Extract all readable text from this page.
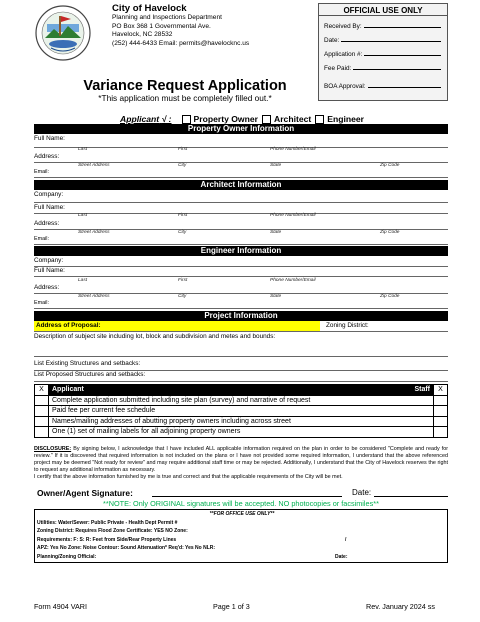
City of Havelock
Planning and Inspections Department
PO Box 368 1 Governmental Ave.
Havelock, NC 28532
(252) 444-6433 Email: permits@havelocknc.us
OFFICIAL USE ONLY
Received By:
Date:
Application #:
Fee Paid:
BOA Approval:
Variance Request Application
*This application must be completely filled out.*
Applicant √ :	Property Owner Architect Engineer
Property Owner Information
Full Name:
Last	First	Phone Number/Email
Address:
Street Address	City	State	Zip Code
Email:
Architect Information
Company:
Full Name:
Last	First	Phone Number/Email
Address:
Street Address	City	State	Zip Code
Email:
Engineer Information
Company:
Full Name:
Last	First	Phone Number/Email
Address:
Street Address	City	State	Zip Code
Email:
Project Information
Address of Proposal:	Zoning District:
Description of subject site including lot, block and subdivision and metes and bounds:
List Existing Structures and setbacks:
List Proposed Structures and setbacks:
X	Applicant Staff	X
	Complete application submitted including site plan (survey) and narrative of request	
	Paid fee per current fee schedule	
	Names/mailing addresses of abutting property owners including across street	
	One (1) set of mailing labels for all adjoining property owners	
DISCLOSURE: By signing below, I acknowledge that I have included ALL applicable information required on the plan in order to be considered "Complete and ready for review." If it is discovered that required information is not included on the plans or I have not provided some required information, I understand that the above referenced project may be deemed "Not ready for review" and may require additional staff time or may be rejected. Additionally, I understand that the City of Havelock reserves the right to request any additional information as necessary.
I certify that the above information furnished by me is true and correct and that the applicable requirements of the City will be met.
Owner/Agent Signature:	Date:
**NOTE: Only ORIGINAL signatures will be accepted. NO photocopies or facsimiles**
**FOR OFFICE USE ONLY**
Utilities: Water/Sewer: Public Private - Health Dept Permit #
Zoning District: Requires Flood Zone Certificate: YES NO Zone:
Requirements: F: S: R: Feet from Side/Rear Property Lines	/
APZ: Yes No Zone: Noise Contour: Sound Attenuation* Req'd: Yes No NLR:
Planning/Zoning Official:	Date:
Form 4904 VARI	Page 1 of 3	Rev. January 2024 ss
